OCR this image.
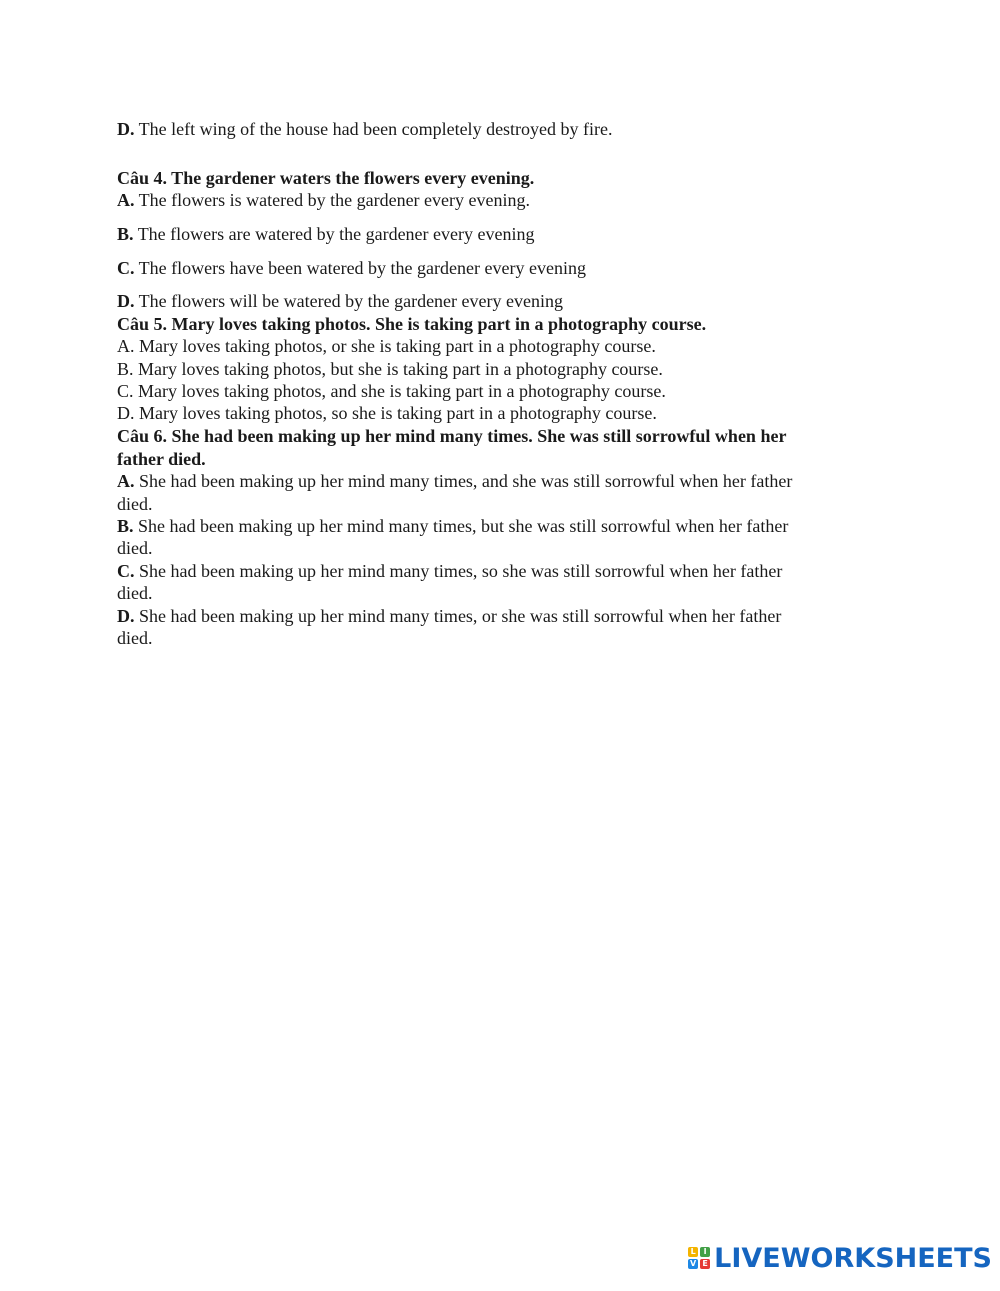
D. The left wing of the house had been completely destroyed by fire.
Câu 4. The gardener waters the flowers every evening.
A. The flowers is watered by the gardener every evening.
B. The flowers are watered by the gardener every evening
C. The flowers have been watered by the gardener every evening
D. The flowers will be watered by the gardener every evening
Câu 5. Mary loves taking photos. She is taking part in a photography course.
A. Mary loves taking photos, or she is taking part in a photography course.
B. Mary loves taking photos, but she is taking part in a photography course.
C. Mary loves taking photos, and she is taking part in a photography course.
D. Mary loves taking photos, so she is taking part in a photography course.
Câu 6. She had been making up her mind many times. She was still sorrowful when her
father died.
A. She had been making up her mind many times, and she was still sorrowful when her father
died.
B. She had been making up her mind many times, but she was still sorrowful when her father
died.
C. She had been making up her mind many times, so she was still sorrowful when her father
died.
D. She had been making up her mind many times, or she was still sorrowful when her father
died.
L I
V E LIVEWORKSHEETS
